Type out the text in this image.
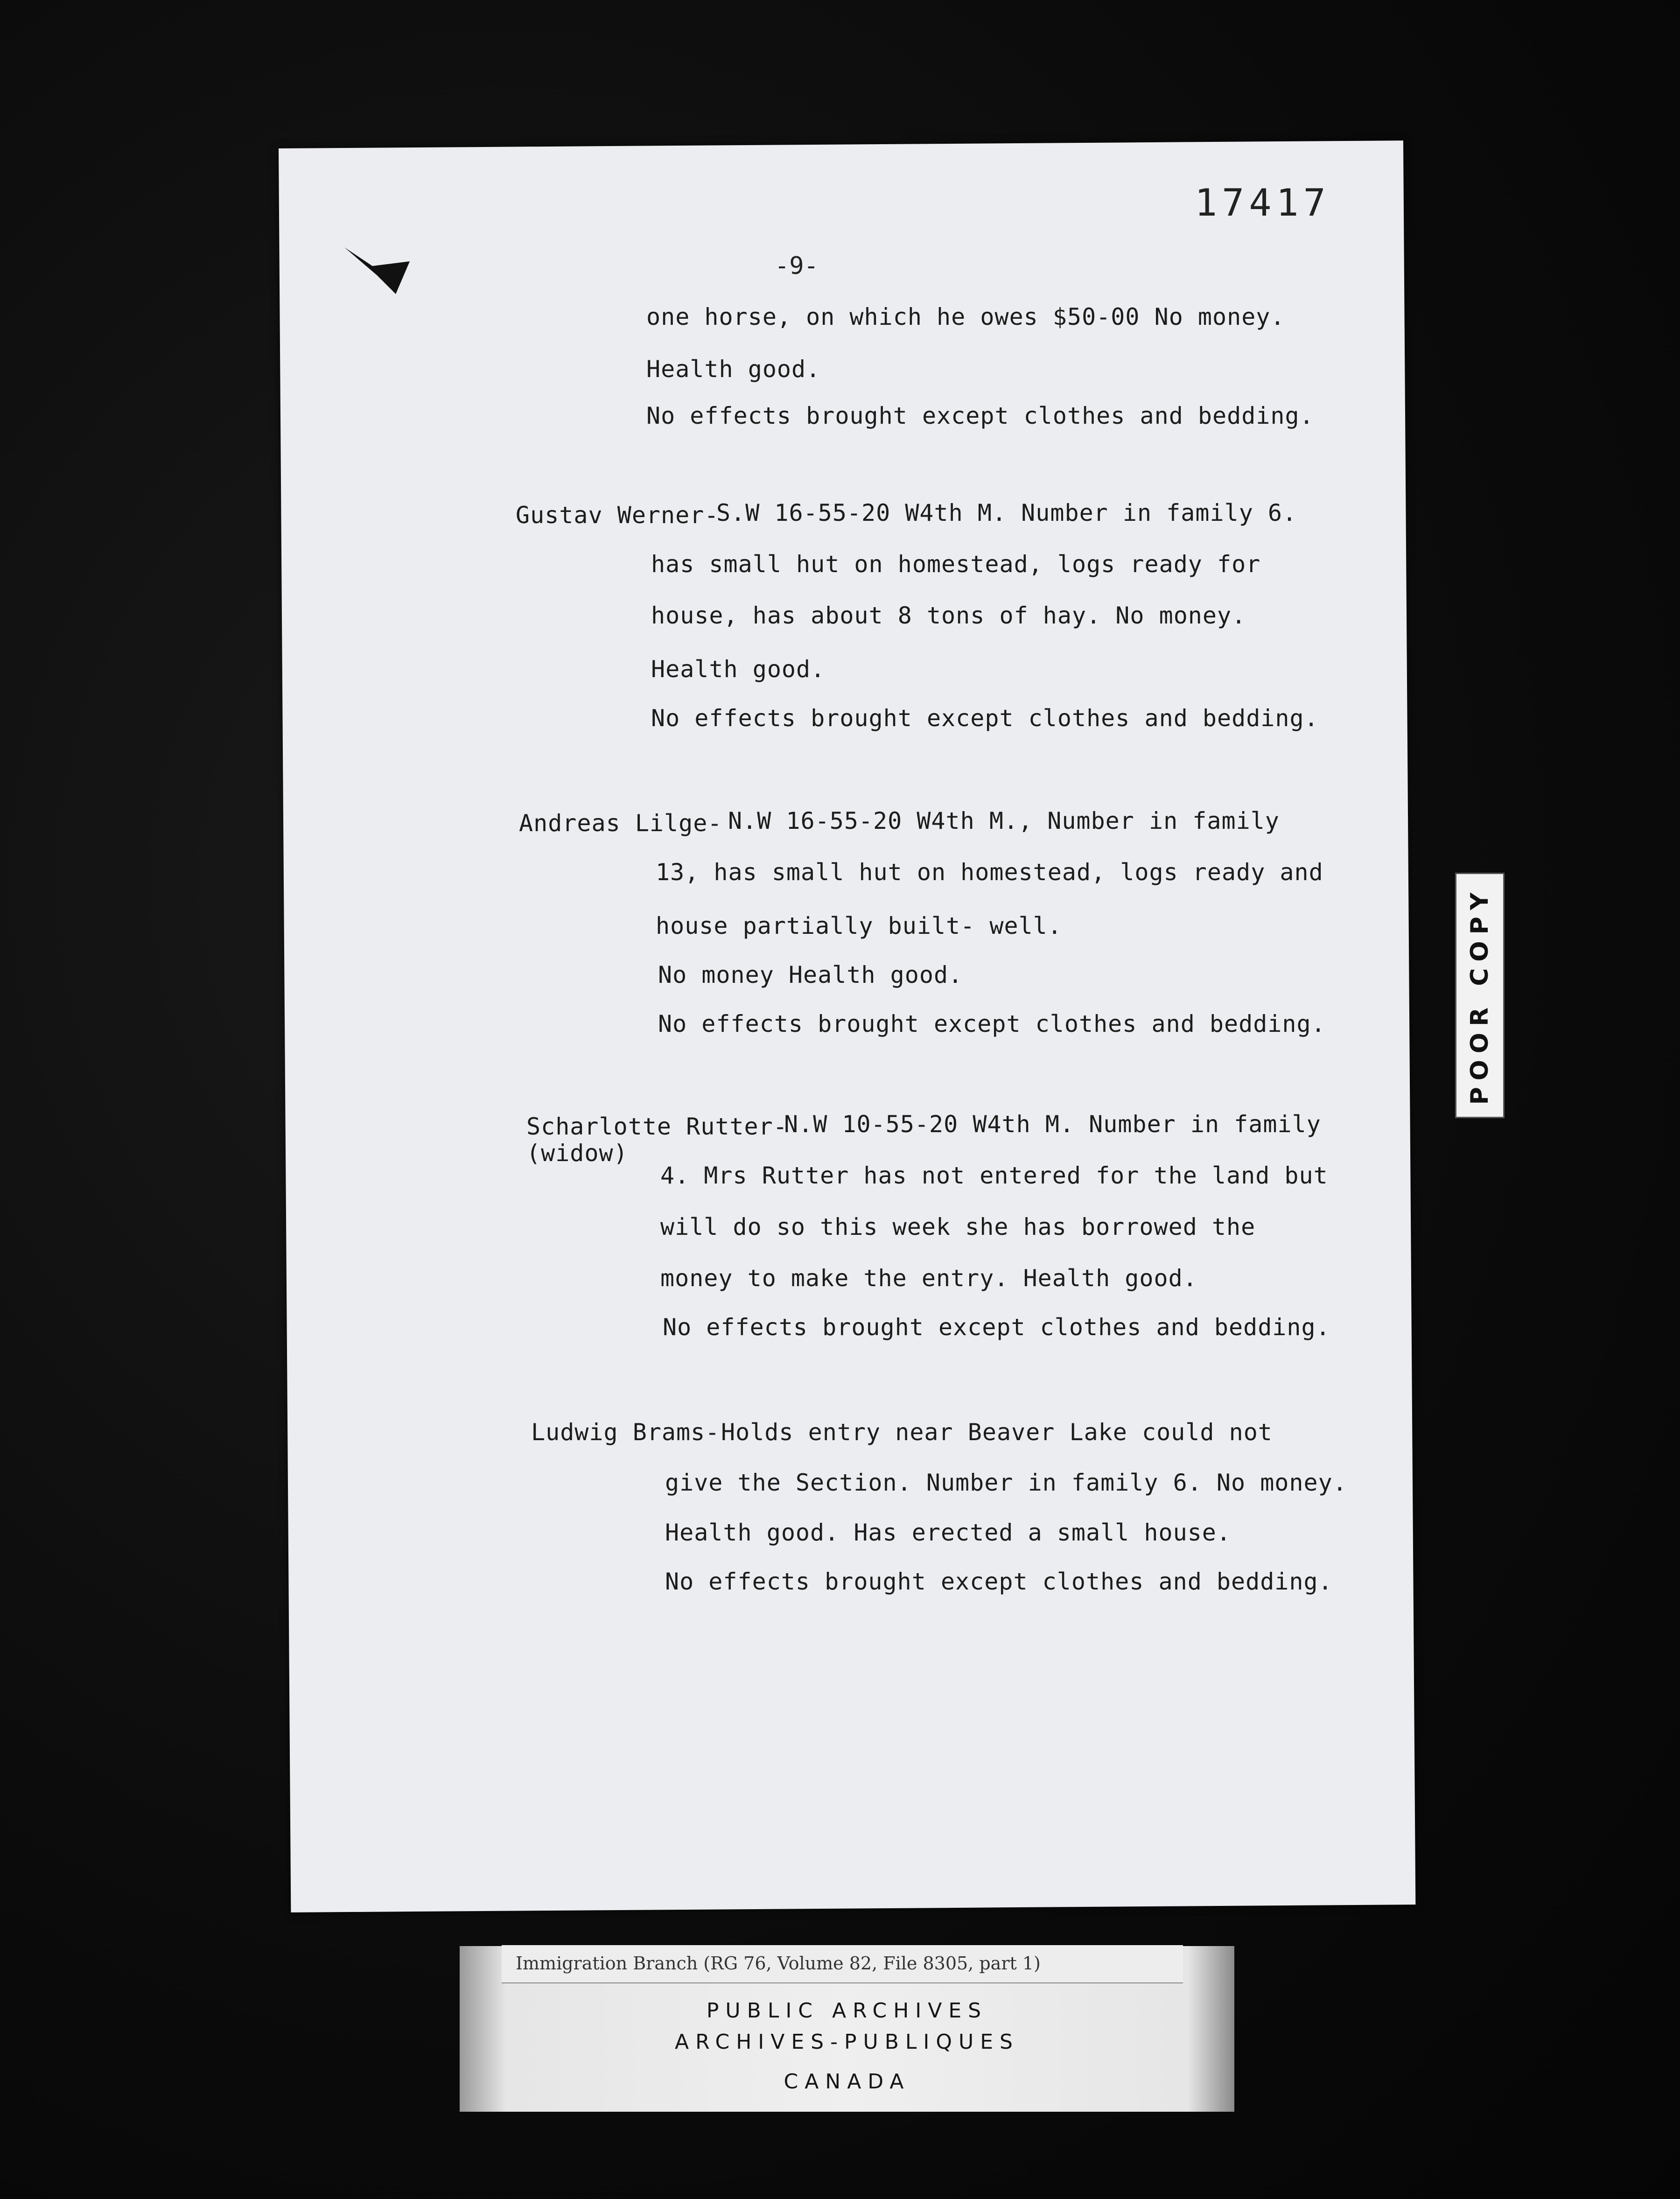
17417
-9-
one horse, on which he owes $50-00 No money.
Health good.
No effects brought except clothes and bedding.
Gustav Werner-
S.W 16-55-20 W4th M. Number in family 6.
has small hut on homestead, logs ready for
house, has about 8 tons of hay. No money.
Health good.
No effects brought except clothes and bedding.
Andreas Lilge- N.W 16-55-20 W4th M., Number in family
13, has small hut on homestead, logs ready and
house partially built- well.
No money Health good.
No effects brought except clothes and bedding.
Scharlotte Rutter-
(widow)
N.W 10-55-20 W4th M. Number in family
4. Mrs Rutter has not entered for the land but
will do so this week she has borrowed the
money to make the entry. Health good.
No effects brought except clothes and bedding.
Ludwig Brams- Holds entry near Beaver Lake could not
give the Section. Number in family 6. No money.
Health good. Has erected a small house.
No effects brought except clothes and bedding.
POOR COPY
Immigration Branch (RG 76, Volume 82, File 8305, part 1)
PUBLIC ARCHIVES
ARCHIVES-PUBLIQUES
CANADA
